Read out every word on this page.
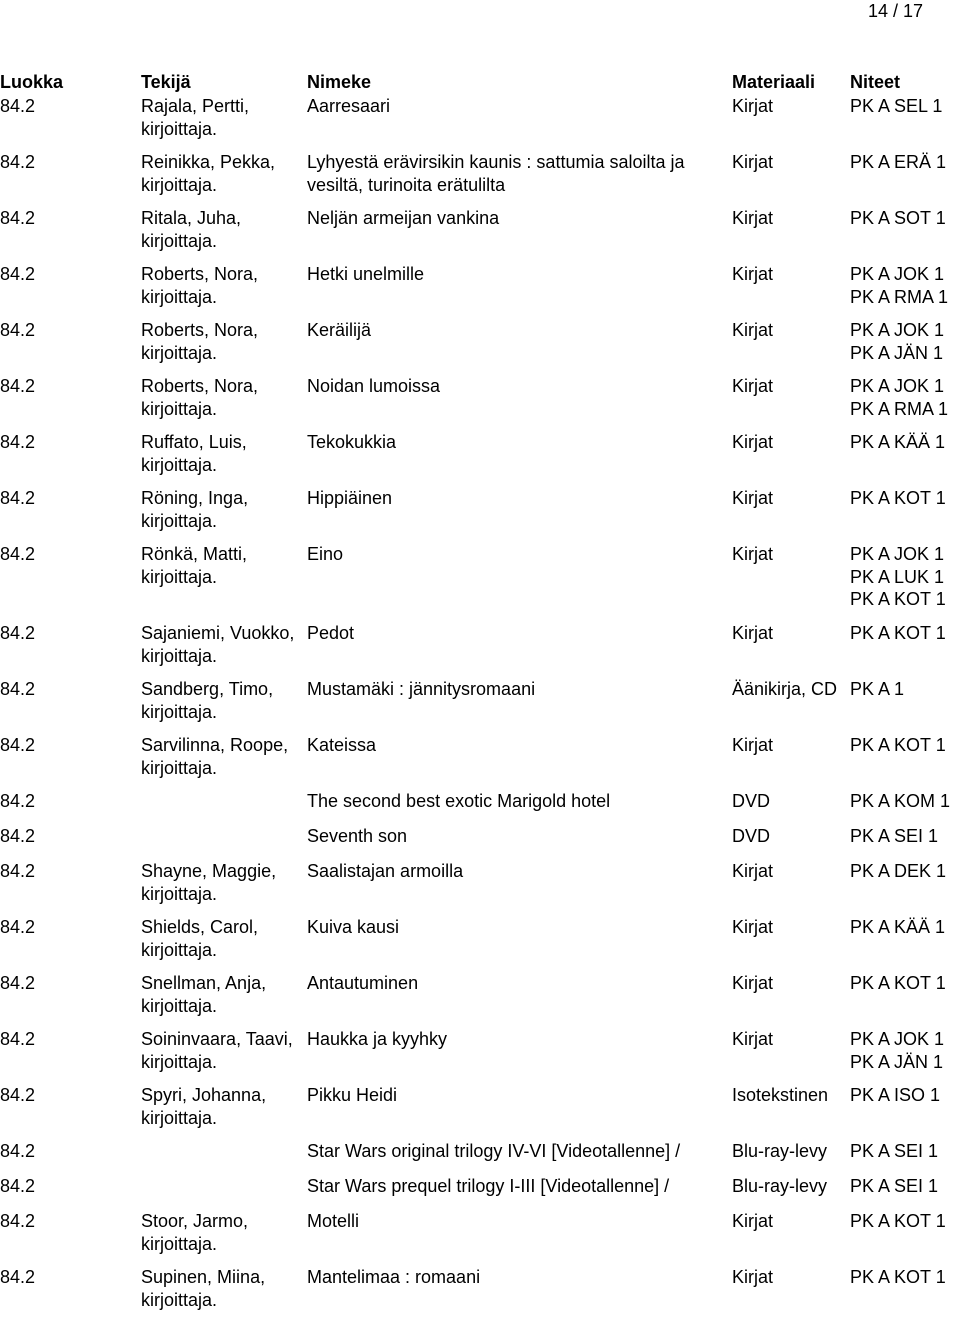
14 / 17
Luokka	Tekijä	Nimeke	Materiaali	Niteet
84.2	Rajala, Pertti, kirjoittaja.	Aarresaari	Kirjat	PK A SEL 1

84.2	Reinikka, Pekka, kirjoittaja.	Lyhyestä erävirsikin kaunis : sattumia saloilta ja vesiltä, turinoita erätulilta	Kirjat	PK A ERÄ 1

84.2	Ritala, Juha, kirjoittaja.	Neljän armeijan vankina	Kirjat	PK A SOT 1

84.2	Roberts, Nora, kirjoittaja.	Hetki unelmille	Kirjat	PK A JOK 1
PK A RMA 1

84.2	Roberts, Nora, kirjoittaja.	Keräilijä	Kirjat	PK A JOK 1
PK A JÄN 1

84.2	Roberts, Nora, kirjoittaja.	Noidan lumoissa	Kirjat	PK A JOK 1
PK A RMA 1

84.2	Ruffato, Luis, kirjoittaja.	Tekokukkia	Kirjat	PK A KÄÄ 1

84.2	Röning, Inga, kirjoittaja.	Hippiäinen	Kirjat	PK A KOT 1

84.2	Rönkä, Matti, kirjoittaja.	Eino	Kirjat	PK A JOK 1
PK A LUK 1
PK A KOT 1

84.2	Sajaniemi, Vuokko, kirjoittaja.	Pedot	Kirjat	PK A KOT 1

84.2	Sandberg, Timo, kirjoittaja.	Mustamäki : jännitysromaani	Äänikirja, CD	PK A 1

84.2	Sarvilinna, Roope, kirjoittaja.	Kateissa	Kirjat	PK A KOT 1

84.2		The second best exotic Marigold hotel	DVD	PK A KOM 1

84.2		Seventh son	DVD	PK A SEI 1

84.2	Shayne, Maggie, kirjoittaja.	Saalistajan armoilla	Kirjat	PK A DEK 1

84.2	Shields, Carol, kirjoittaja.	Kuiva kausi	Kirjat	PK A KÄÄ 1

84.2	Snellman, Anja, kirjoittaja.	Antautuminen	Kirjat	PK A KOT 1

84.2	Soininvaara, Taavi, kirjoittaja.	Haukka ja kyyhky	Kirjat	PK A JOK 1
PK A JÄN 1

84.2	Spyri, Johanna, kirjoittaja.	Pikku Heidi	Isotekstinen	PK A ISO 1

84.2		Star Wars original trilogy IV-VI [Videotallenne] /	Blu-ray-levy	PK A SEI 1

84.2		Star Wars prequel trilogy I-III [Videotallenne] /	Blu-ray-levy	PK A SEI 1

84.2	Stoor, Jarmo, kirjoittaja.	Motelli	Kirjat	PK A KOT 1

84.2	Supinen, Miina, kirjoittaja.	Mantelimaa : romaani	Kirjat	PK A KOT 1
